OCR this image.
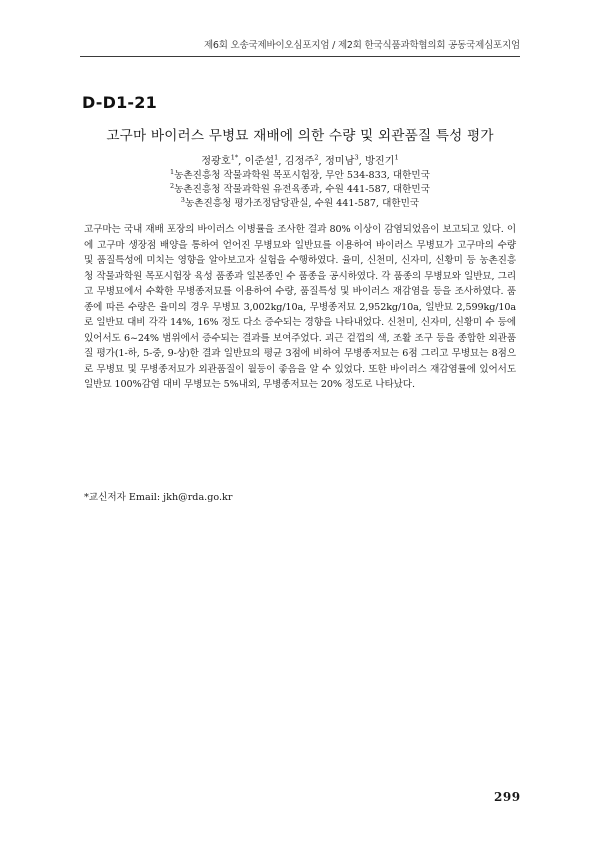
제6회 오송국제바이오심포지엄 / 제2회 한국식품과학협의회 공동국제심포지엄
D-D1-21
고구마 바이러스 무병묘 재배에 의한 수량 및 외관품질 특성 평가
정광호$^{1*}$, 이준설$^1$, 김정주$^2$, 정미남$^3$, 방진기$^1$
$^1$농촌진흥청 작물과학원 목포시험장, 무안 534-833, 대한민국
$^2$농촌진흥청 작물과학원 유전육종과, 수원 441-587, 대한민국
$^3$농촌진흥청 평가조정담당관실, 수원 441-587, 대한민국
고구마는 국내 재배 포장의 바이러스 이병률을 조사한 결과 80% 이상이 감염되었음이 보고되고 있다. 이에 고구마 생장점 배양을 통하여 얻어진 무병묘와 일반묘를 이용하여 바이러스 무병묘가 고구마의 수량 및 품질특성에 미치는 영향을 알아보고자 실험을 수행하였다. 율미, 신천미, 신자미, 신황미 등 농촌진흥청 작물과학원 목포시험장 육성 품종과 일본종인 수 품종을 공시하였다. 각 품종의 무병묘와 일반묘, 그리고 무병묘에서 수확한 무병종저묘를 이용하여 수량, 품질특성 및 바이러스 재감염을 등을 조사하였다. 품종에 따른 수량은 율미의 경우 무병묘 3,002kg/10a, 무병종저묘 2,952kg/10a, 일반묘 2,599kg/10a로 일반묘 대비 각각 14%, 16% 정도 다소 증수되는 경향을 나타내었다. 신천미, 신자미, 신황미 수 등에 있어서도 6~24% 범위에서 증수되는 결과를 보여주었다. 괴근 겉껍의 색, 조활 조구 등을 종합한 외관품질 평가(1-하, 5-중, 9-상)한 결과 일반묘의 평균 3점에 비하여 무병종저묘는 6점 그리고 무병묘는 8점으로 무병묘 및 무병종저묘가 외관품질이 월등이 좋음을 알 수 있었다. 또한 바이러스 재감염률에 있어서도 일반묘 100%감염 대비 무병묘는 5%내외, 무병종저묘는 20% 정도로 나타났다.
*교신저자 Email: jkh@rda.go.kr
299
